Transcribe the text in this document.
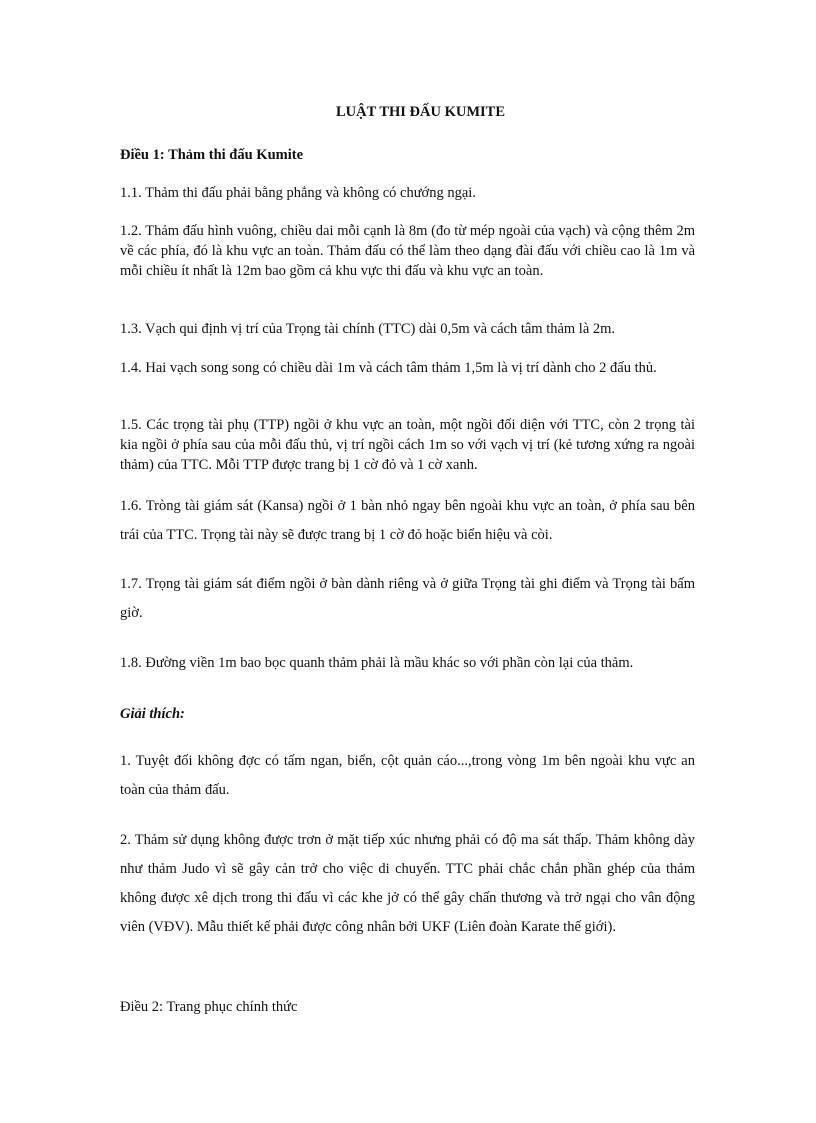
LUẬT THI ĐẤU KUMITE

Điều 1: Thảm thi đấu Kumite

1.1. Thảm thi đấu phải bằng phẳng và không có chướng ngại.

1.2. Thảm đấu hình vuông, chiều dai mỗi cạnh là 8m (đo từ mép ngoài của vạch) và cộng thêm 2m về các phía, đó là khu vực an toàn. Thảm đấu có thể làm theo dạng đài đấu với chiều cao là 1m và mỗi chiều ít nhất là 12m bao gồm cả khu vực thi đấu và khu vực an toàn.

1.3. Vạch qui định vị trí của Trọng tài chính (TTC) dài 0,5m và cách tâm thảm là 2m.

1.4. Hai vạch song song có chiều dài 1m và cách tâm thảm 1,5m là vị trí dành cho 2 đấu thủ.

1.5. Các trọng tài phụ (TTP) ngồi ở khu vực an toàn, một ngồi đối diện với TTC, còn 2 trọng tài kia ngồi ở phía sau của mỗi đấu thủ, vị trí ngồi cách 1m so với vạch vị trí (kẻ tương xứng ra ngoài thảm) của TTC. Mỗi TTP được trang bị 1 cờ đỏ và 1 cờ xanh.

1.6. Tròng tài giám sát (Kansa) ngồi ở 1 bàn nhỏ ngay bên ngoài khu vực an toàn, ở phía sau bên trái của TTC. Trọng tài này sẽ được trang bị 1 cờ đỏ hoặc biển hiệu và còi.

1.7. Trọng tài giám sát điểm ngồi ở bàn dành riêng và ở giữa Trọng tài ghi điểm và Trọng tài bấm giờ.

1.8. Đường viền 1m bao bọc quanh thảm phải là mầu khác so với phần còn lại của thảm.

Giải thích:

1. Tuyệt đối không đợc có tấm ngan, biển, cột quản cáo...,trong vòng 1m bên ngoài khu vực an toàn của thảm đấu.

2. Thảm sử dụng không được trơn ở mặt tiếp xúc nhưng phải có độ ma sát thấp. Thảm không dày như thảm Judo vì sẽ gây cản trở cho việc di chuyển. TTC phải chắc chắn phần ghép của thảm không được xê dịch trong thi đấu vì các khe jở có thể gây chấn thương và trở ngại cho vân động viên (VĐV). Mẫu thiết kế phải được công nhân bởi UKF (Liên đoàn Karate thế giới).

Điều 2: Trang phục chính thức
